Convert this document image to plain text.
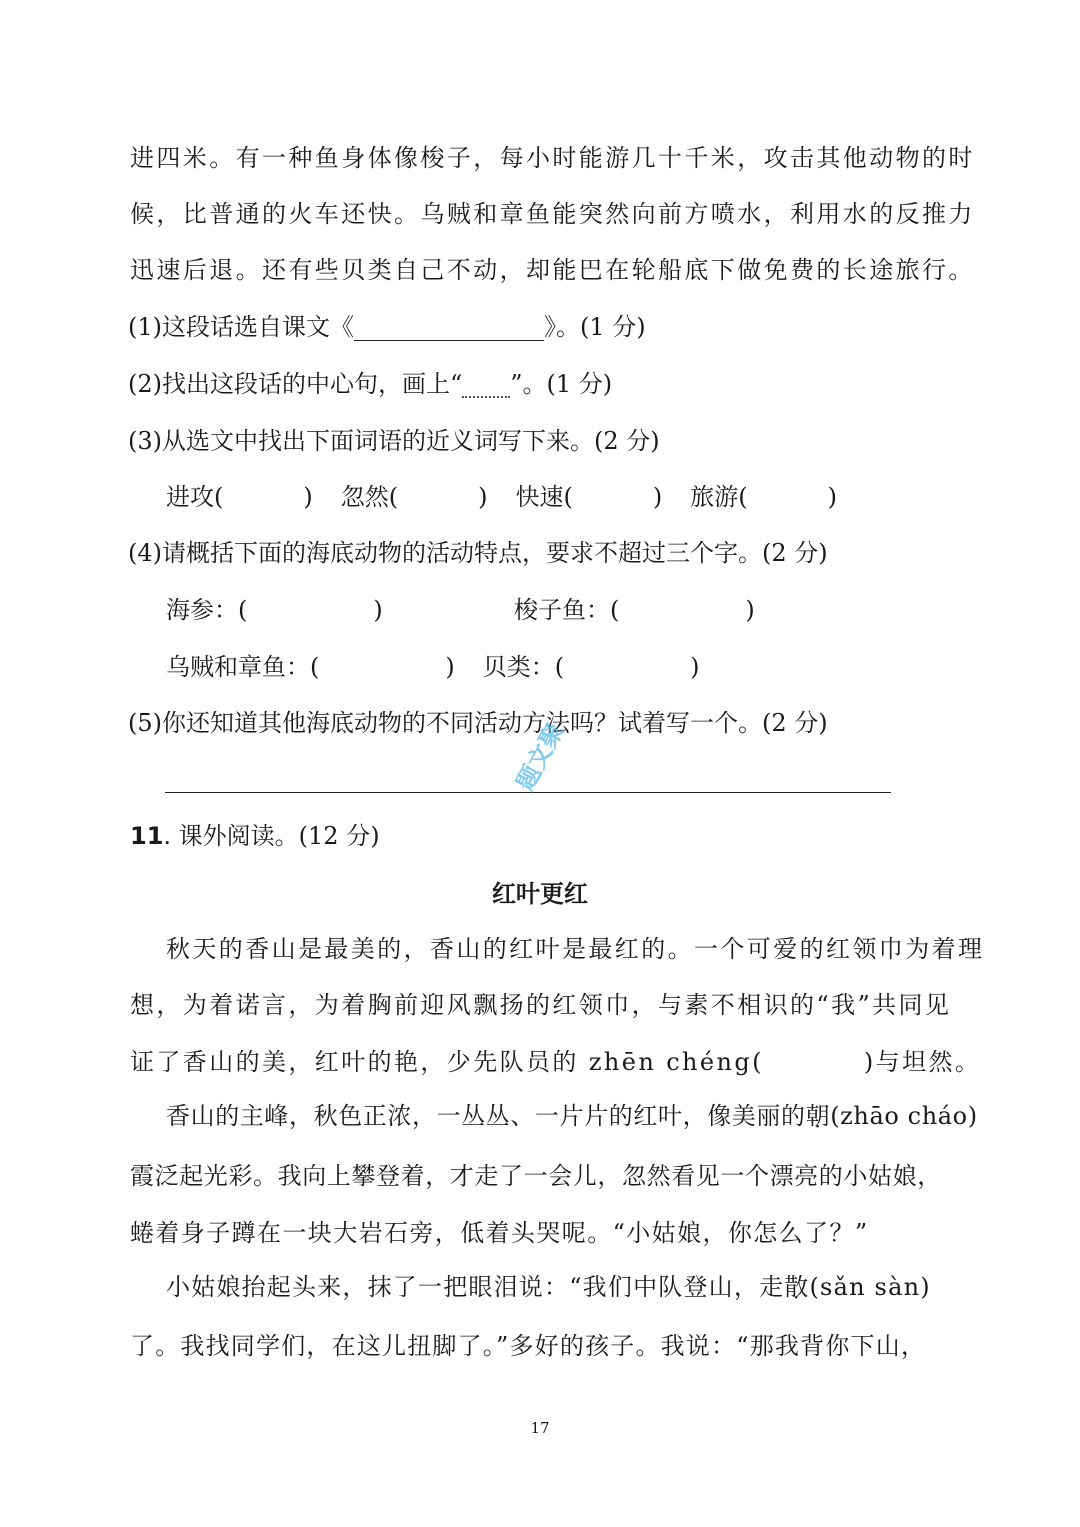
进四米。有一种鱼身体像梭子，每小时能游几十千米，攻击其他动物的时
候，比普通的火车还快。乌贼和章鱼能突然向前方喷水，利用水的反推力
迅速后退。还有些贝类自己不动，却能巴在轮船底下做免费的长途旅行。
(1)这段话选自课文《	》。(1 分)
(2)找出这段话的中心句，画上“ ”。(1 分)
(3)从选文中找出下面词语的近义词写下来。(2 分)
进攻(	) 忽然(	) 快速(	) 旅游(	)
(4)请概括下面的海底动物的活动特点，要求不超过三个字。(2 分)
海参：(	)	梭子鱼：(	)
乌贼和章鱼：(	) 贝类：(	)
(5)你还知道其他海底动物的不同活动方法吗？试着写一个。(2 分)
题文聚
11. 课外阅读。(12 分)
红叶更红
秋天的香山是最美的，香山的红叶是最红的。一个可爱的红领巾为着理
想，为着诺言，为着胸前迎风飘扬的红领巾，与素不相识的“我”共同见
证了香山的美，红叶的艳，少先队员的 zhēn chéng(	)与坦然。
香山的主峰，秋色正浓，一丛丛、一片片的红叶，像美丽的朝(zhāo cháo)
霞泛起光彩。我向上攀登着，才走了一会儿，忽然看见一个漂亮的小姑娘，
蜷着身子蹲在一块大岩石旁，低着头哭呢。“小姑娘，你怎么了？”
小姑娘抬起头来，抹了一把眼泪说：“我们中队登山，走散(sǎn sàn)
了。我找同学们，在这儿扭脚了。”多好的孩子。我说：“那我背你下山，
17
